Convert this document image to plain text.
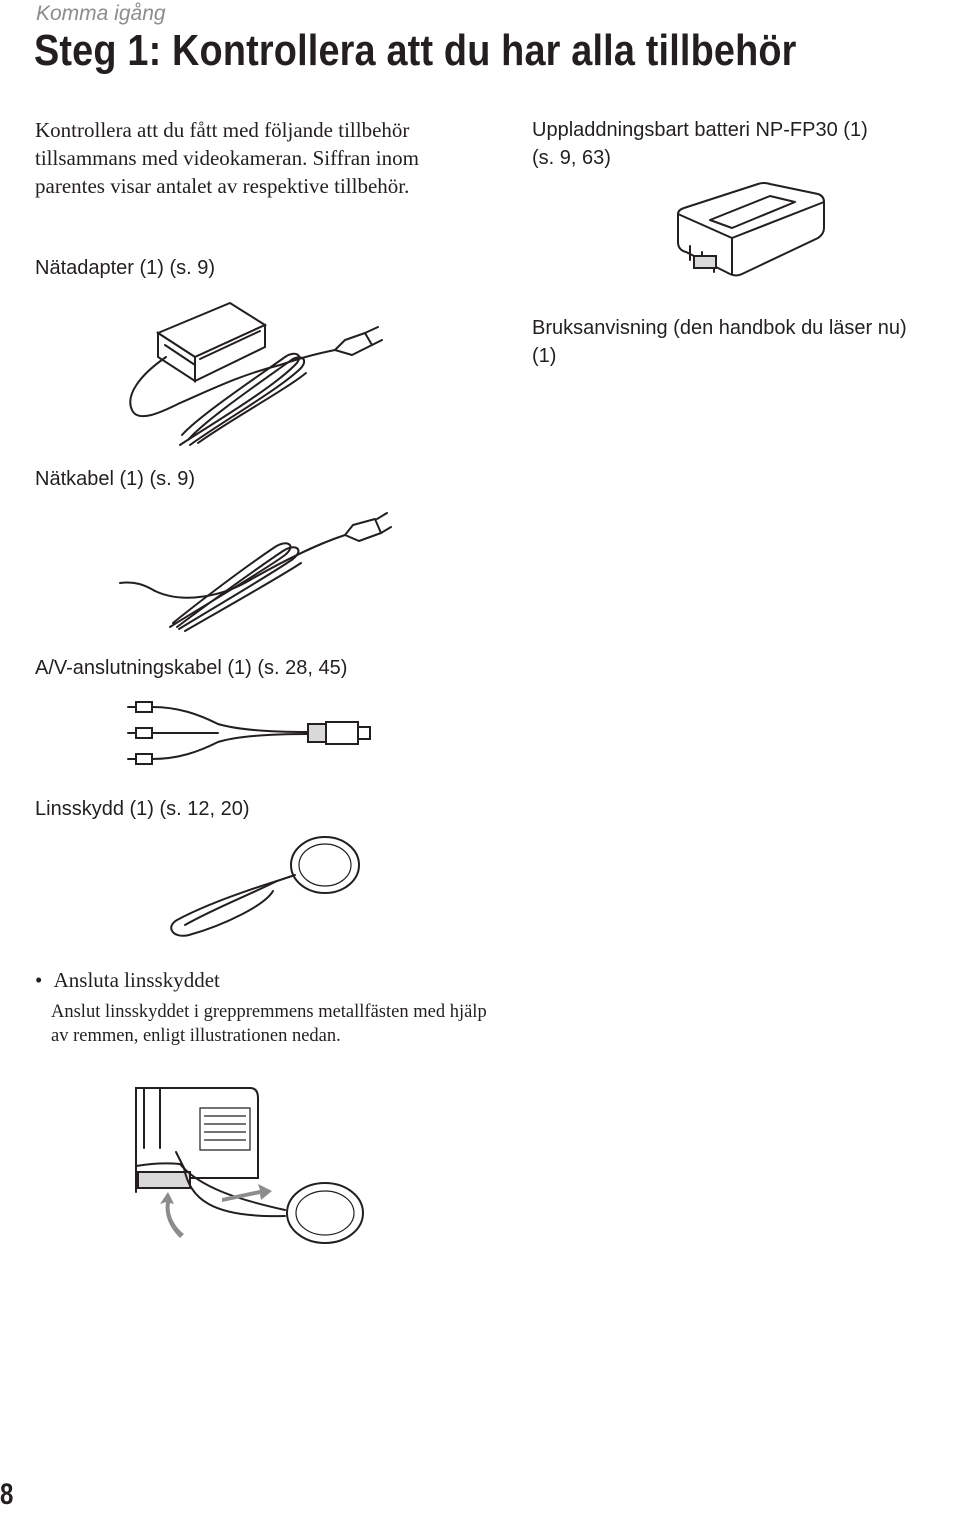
Komma igång
Steg 1: Kontrollera att du har alla tillbehör
Kontrollera att du fått med följande tillbehör tillsammans med videokameran. Siffran inom parentes visar antalet av respektive tillbehör.
Nätadapter (1) (s. 9)
Nätkabel (1) (s. 9)
A/V-anslutningskabel (1) (s. 28, 45)
Linsskydd (1) (s. 12, 20)
Uppladdningsbart batteri NP-FP30 (1)
(s. 9, 63)
Bruksanvisning (den handbok du läser nu)
(1)
• Ansluta linsskyddet
Anslut linsskyddet i greppremmens metallfästen med hjälp av remmen, enligt illustrationen nedan.
8
